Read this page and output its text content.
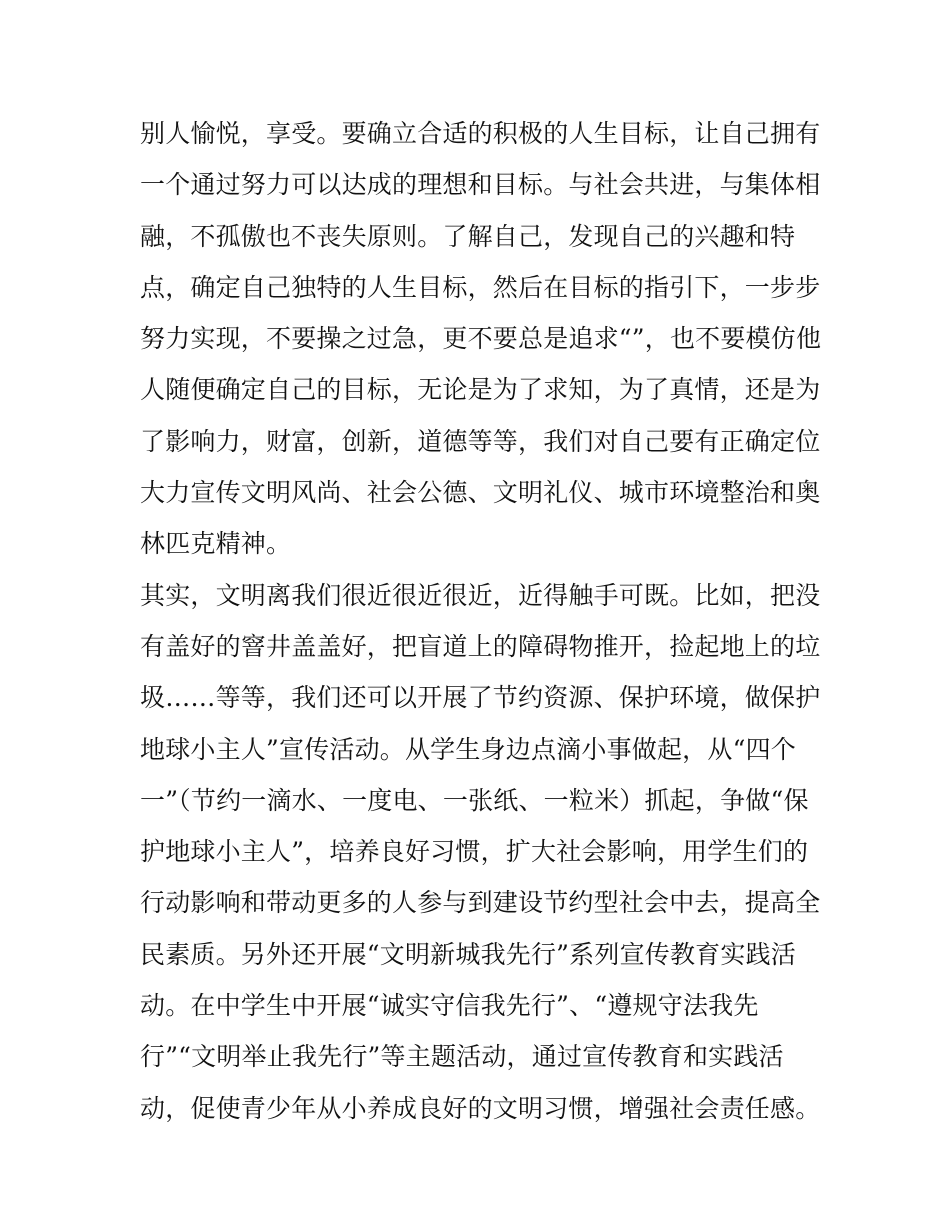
别人愉悦，享受。要确立合适的积极的人生目标，让自己拥有
一个通过努力可以达成的理想和目标。与社会共进，与集体相
融，不孤傲也不丧失原则。了解自己，发现自己的兴趣和特
点，确定自己独特的人生目标，然后在目标的指引下，一步步
努力实现，不要操之过急，更不要总是追求“”，也不要模仿他
人随便确定自己的目标，无论是为了求知，为了真情，还是为
了影响力，财富，创新，道德等等，我们对自己要有正确定位
大力宣传文明风尚、社会公德、文明礼仪、城市环境整治和奥
林匹克精神。
其实，文明离我们很近很近很近，近得触手可既。比如，把没
有盖好的窨井盖盖好，把盲道上的障碍物推开，捡起地上的垃
圾……等等，我们还可以开展了节约资源、保护环境，做保护
地球小主人”宣传活动。从学生身边点滴小事做起，从“四个
一”（节约一滴水、一度电、一张纸、一粒米）抓起，争做“保
护地球小主人”，培养良好习惯，扩大社会影响，用学生们的
行动影响和带动更多的人参与到建设节约型社会中去，提高全
民素质。另外还开展“文明新城我先行”系列宣传教育实践活
动。在中学生中开展“诚实守信我先行”、“遵规守法我先
行”“文明举止我先行”等主题活动，通过宣传教育和实践活
动，促使青少年从小养成良好的文明习惯，增强社会责任感。
